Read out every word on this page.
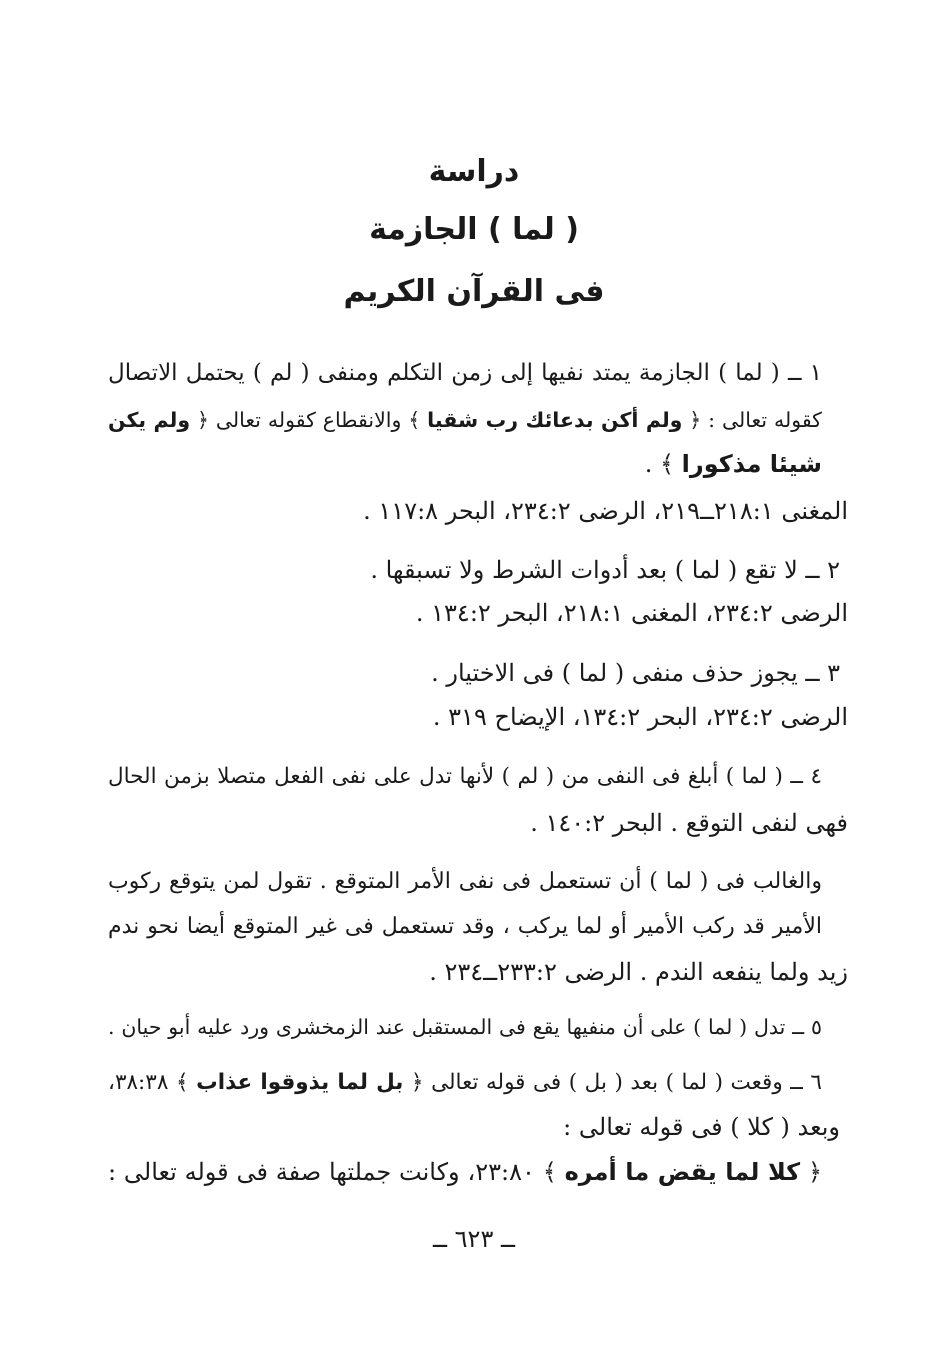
دراسة
( لما ) الجازمة
فى القرآن الكريم
١ ــ ( لما ) الجازمة يمتد نفيها إلى زمن التكلم ومنفى ( لم ) يحتمل الاتصال
كقوله تعالى : ﴿ ولم أكن بدعائك رب شقيا ﴾ والانقطاع كقوله تعالى ﴿ ولم يكن
شيئا مذكورا ﴾ .
المغنى ٢١٨:١ــ٢١٩، الرضى ٢٣٤:٢، البحر ١١٧:٨ .
٢ ــ لا تقع ( لما ) بعد أدوات الشرط ولا تسبقها .
الرضى ٢٣٤:٢، المغنى ٢١٨:١، البحر ١٣٤:٢ .
٣ ــ يجوز حذف منفى ( لما ) فى الاختيار .
الرضى ٢٣٤:٢، البحر ١٣٤:٢، الإيضاح ٣١٩ .
٤ ــ ( لما ) أبلغ فى النفى من ( لم ) لأنها تدل على نفى الفعل متصلا بزمن الحال
فهى لنفى التوقع . البحر ١٤٠:٢ .
والغالب فى ( لما ) أن تستعمل فى نفى الأمر المتوقع . تقول لمن يتوقع ركوب
الأمير قد ركب الأمير أو لما يركب ، وقد تستعمل فى غير المتوقع أيضا نحو ندم
زيد ولما ينفعه الندم . الرضى ٢٣٣:٢ــ٢٣٤ .
٥ ــ تدل ( لما ) على أن منفيها يقع فى المستقبل عند الزمخشرى ورد عليه أبو حيان .
٦ ــ وقعت ( لما ) بعد ( بل ) فى قوله تعالى ﴿ بل لما يذوقوا عذاب ﴾ ٣٨:٣٨،
وبعد ( كلا ) فى قوله تعالى :
﴿ كلا لما يقض ما أمره ﴾ ٢٣:٨٠، وكانت جملتها صفة فى قوله تعالى :
ــ ٦٢٣ ــ
